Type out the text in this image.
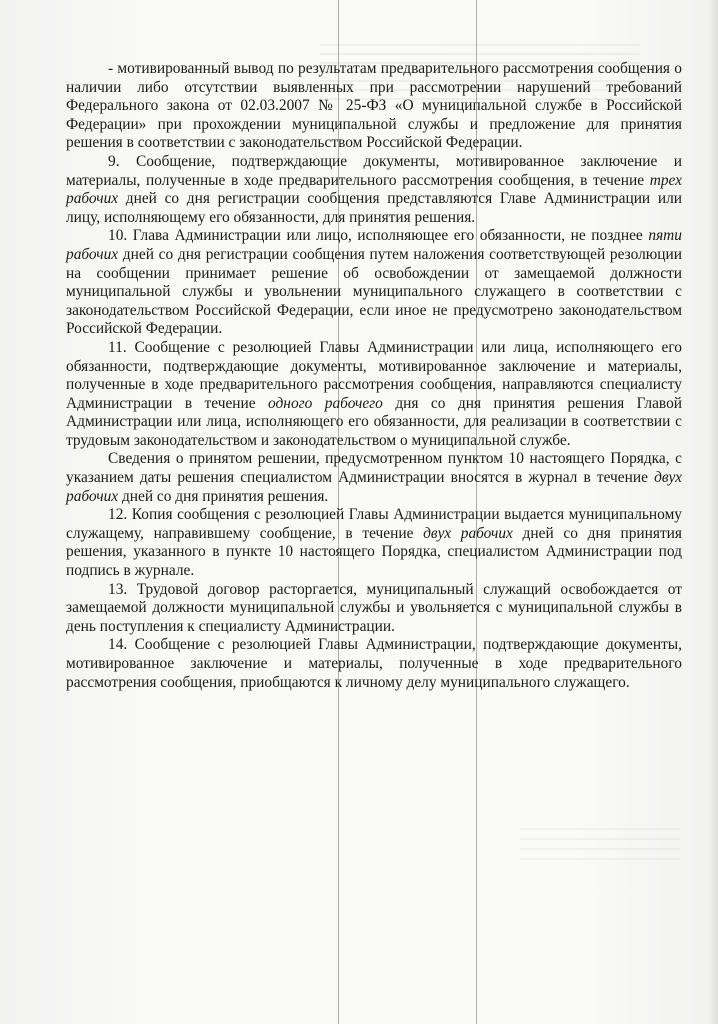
- мотивированный вывод по результатам предварительного рассмотрения сообщения о наличии либо отсутствии выявленных при рассмотрении нарушений требований Федерального закона от 02.03.2007 № 25-ФЗ «О муниципальной службе в Российской Федерации» при прохождении муниципальной службы и предложение для принятия решения в соответствии с законодательством Российской Федерации.

9. Сообщение, подтверждающие документы, мотивированное заключение и материалы, полученные в ходе предварительного рассмотрения сообщения, в течение трех рабочих дней со дня регистрации сообщения представляются Главе Администрации или лицу, исполняющему его обязанности, для принятия решения.

10. Глава Администрации или лицо, исполняющее его обязанности, не позднее пяти рабочих дней со дня регистрации сообщения путем наложения соответствующей резолюции на сообщении принимает решение об освобождении от замещаемой должности муниципальной службы и увольнении муниципального служащего в соответствии с законодательством Российской Федерации, если иное не предусмотрено законодательством Российской Федерации.

11. Сообщение с резолюцией Главы Администрации или лица, исполняющего его обязанности, подтверждающие документы, мотивированное заключение и материалы, полученные в ходе предварительного рассмотрения сообщения, направляются специалисту Администрации в течение одного рабочего дня со дня принятия решения Главой Администрации или лица, исполняющего его обязанности, для реализации в соответствии с трудовым законодательством и законодательством о муниципальной службе.

Сведения о принятом решении, предусмотренном пунктом 10 настоящего Порядка, с указанием даты решения специалистом Администрации вносятся в журнал в течение двух рабочих дней со дня принятия решения.

12. Копия сообщения с резолюцией Главы Администрации выдается муниципальному служащему, направившему сообщение, в течение двух рабочих дней со дня принятия решения, указанного в пункте 10 настоящего Порядка, специалистом Администрации под подпись в журнале.

13. Трудовой договор расторгается, муниципальный служащий освобождается от замещаемой должности муниципальной службы и увольняется с муниципальной службы в день поступления к специалисту Администрации.

14. Сообщение с резолюцией Главы Администрации, подтверждающие документы, мотивированное заключение и материалы, полученные в ходе предварительного рассмотрения сообщения, приобщаются к личному делу муниципального служащего.
